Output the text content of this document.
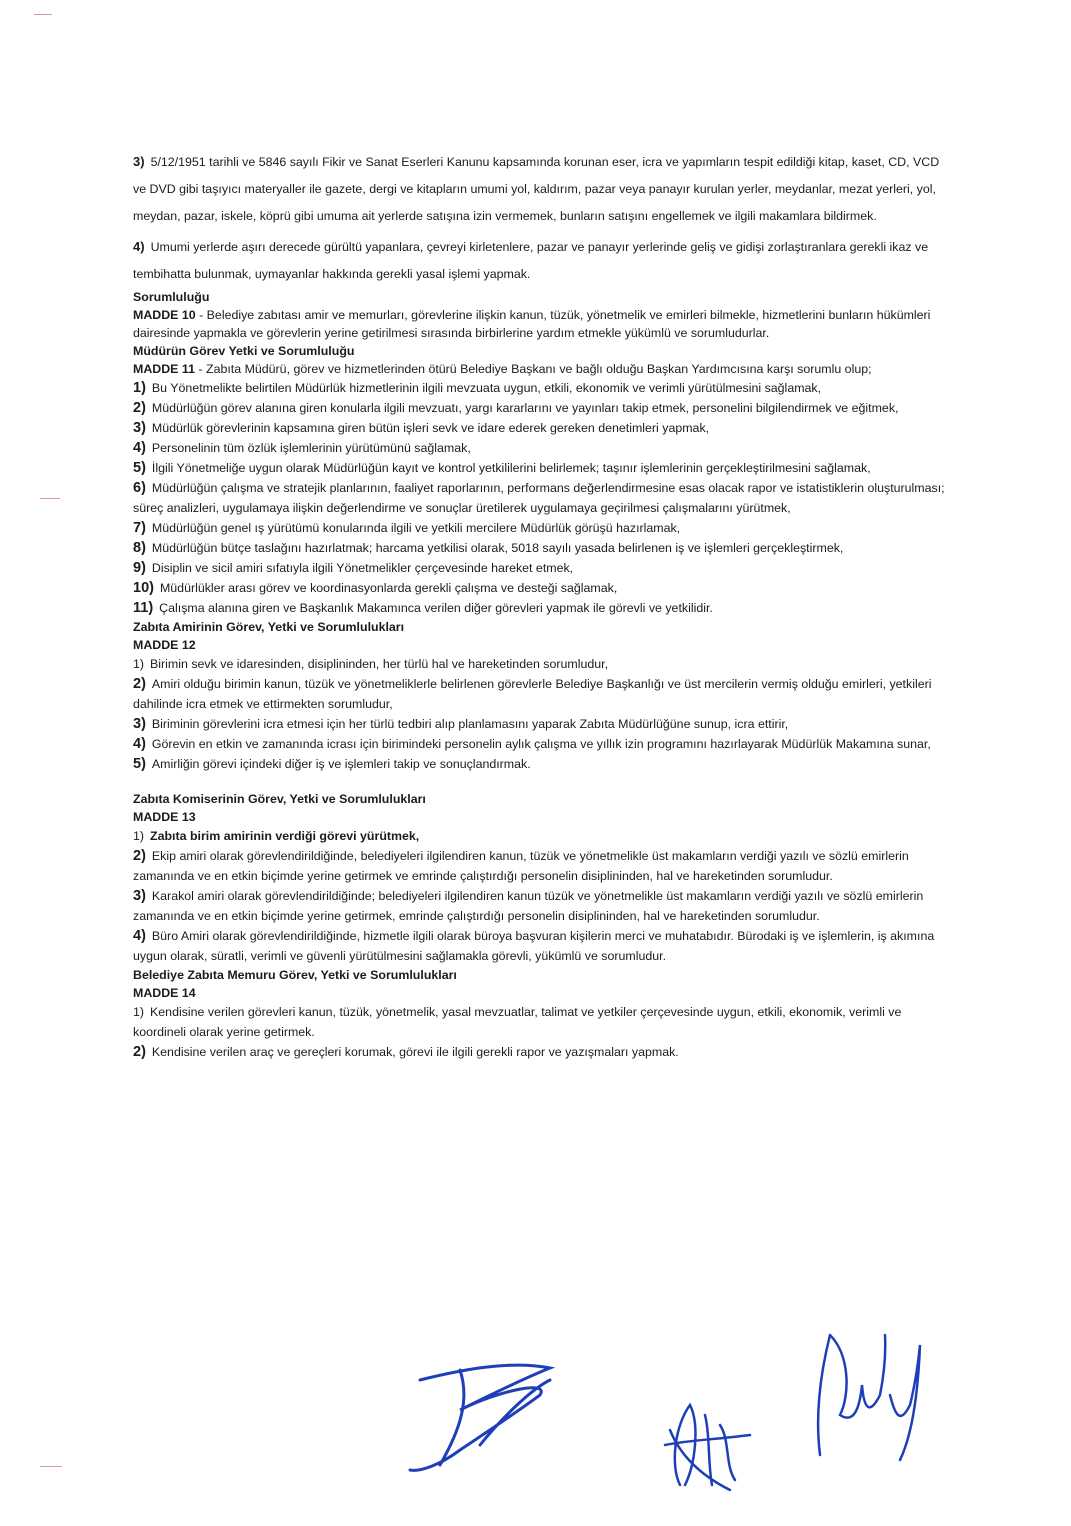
3) 5/12/1951 tarihli ve 5846 sayılı Fikir ve Sanat Eserleri Kanunu kapsamında korunan eser, icra ve yapımların tespit edildiği kitap, kaset, CD, VCD ve DVD gibi taşıyıcı materyaller ile gazete, dergi ve kitapların umumi yol, kaldırım, pazar veya panayır kurulan yerler, meydanlar, mezat yerleri, yol, meydan, pazar, iskele, köprü gibi umuma ait yerlerde satışına izin vermemek, bunların satışını engellemek ve ilgili makamlara bildirmek.

4) Umumi yerlerde aşırı derecede gürültü yapanlara, çevreyi kirletenlere, pazar ve panayır yerlerinde geliş ve gidişi zorlaştıranlara gerekli ikaz ve tembihatta bulunmak, uymayanlar hakkında gerekli yasal işlemi yapmak.

Sorumluluğu

MADDE 10 - Belediye zabıtası amir ve memurları, görevlerine ilişkin kanun, tüzük, yönetmelik ve emirleri bilmekle, hizmetlerini bunların hükümleri dairesinde yapmakla ve görevlerin yerine getirilmesi sırasında birbirlerine yardım etmekle yükümlü ve sorumludurlar.

Müdürün Görev Yetki ve Sorumluluğu

MADDE 11 - Zabıta Müdürü, görev ve hizmetlerinden ötürü Belediye Başkanı ve bağlı olduğu Başkan Yardımcısına karşı sorumlu olup;

1) Bu Yönetmelikte belirtilen Müdürlük hizmetlerinin ilgili mevzuata uygun, etkili, ekonomik ve verimli yürütülmesini sağlamak,

2) Müdürlüğün görev alanına giren konularla ilgili mevzuatı, yargı kararlarını ve yayınları takip etmek, personelini bilgilendirmek ve eğitmek,

3) Müdürlük görevlerinin kapsamına giren bütün işleri sevk ve idare ederek gereken denetimleri yapmak,

4) Personelinin tüm özlük işlemlerinin yürütümünü sağlamak,

5) İlgili Yönetmeliğe uygun olarak Müdürlüğün kayıt ve kontrol yetkililerini belirlemek; taşınır işlemlerinin gerçekleştirilmesini sağlamak,

6) Müdürlüğün çalışma ve stratejik planlarının, faaliyet raporlarının, performans değerlendirmesine esas olacak rapor ve istatistiklerin oluşturulması; süreç analizleri, uygulamaya ilişkin değerlendirme ve sonuçlar üretilerek uygulamaya geçirilmesi çalışmalarını yürütmek,

7) Müdürlüğün genel ış yürütümü konularında ilgili ve yetkili mercilere Müdürlük görüşü hazırlamak,

8) Müdürlüğün bütçe taslağını hazırlatmak; harcama yetkilisi olarak, 5018 sayılı yasada belirlenen iş ve işlemleri gerçekleştirmek,

9) Disiplin ve sicil amiri sıfatıyla ilgili Yönetmelikler çerçevesinde hareket etmek,

10) Müdürlükler arası görev ve koordinasyonlarda gerekli çalışma ve desteği sağlamak,

11) Çalışma alanına giren ve Başkanlık Makamınca verilen diğer görevleri yapmak ile görevli ve yetkilidir.

Zabıta Amirinin Görev, Yetki ve Sorumlulukları

MADDE 12

1) Birimin sevk ve idaresinden, disiplininden, her türlü hal ve hareketinden sorumludur,

2) Amiri olduğu birimin kanun, tüzük ve yönetmeliklerle belirlenen görevlerle Belediye Başkanlığı ve üst mercilerin vermiş olduğu emirleri, yetkileri dahilinde icra etmek ve ettirmekten sorumludur,

3) Biriminin görevlerini icra etmesi için her türlü tedbiri alıp planlamasını yaparak Zabıta Müdürlüğüne sunup, icra ettirir,

4) Görevin en etkin ve zamanında icrası için birimindeki personelin aylık çalışma ve yıllık izin programını hazırlayarak Müdürlük Makamına sunar,

5) Amirliğin görevi içindeki diğer iş ve işlemleri takip ve sonuçlandırmak.

Zabıta Komiserinin Görev, Yetki ve Sorumlulukları

MADDE 13

1) Zabıta birim amirinin verdiği görevi yürütmek,

2) Ekip amiri olarak görevlendirildiğinde, belediyeleri ilgilendiren kanun, tüzük ve yönetmelikle üst makamların verdiği yazılı ve sözlü emirlerin zamanında ve en etkin biçimde yerine getirmek ve emrinde çalıştırdığı personelin disiplininden, hal ve hareketinden sorumludur.

3) Karakol amiri olarak görevlendirildiğinde; belediyeleri ilgilendiren kanun tüzük ve yönetmelikle üst makamların verdiği yazılı ve sözlü emirlerin zamanında ve en etkin biçimde yerine getirmek, emrinde çalıştırdığı personelin disiplininden, hal ve hareketinden sorumludur.

4) Büro Amiri olarak görevlendirildiğinde, hizmetle ilgili olarak büroya başvuran kişilerin merci ve muhatabıdır. Bürodaki iş ve işlemlerin, iş akımına uygun olarak, süratli, verimli ve güvenli yürütülmesini sağlamakla görevli, yükümlü ve sorumludur.

Belediye Zabıta Memuru Görev, Yetki ve Sorumlulukları

MADDE 14

1) Kendisine verilen görevleri kanun, tüzük, yönetmelik, yasal mevzuatlar, talimat ve yetkiler çerçevesinde uygun, etkili, ekonomik, verimli ve koordineli olarak yerine getirmek.

2) Kendisine verilen araç ve gereçleri korumak, görevi ile ilgili gerekli rapor ve yazışmaları yapmak.
